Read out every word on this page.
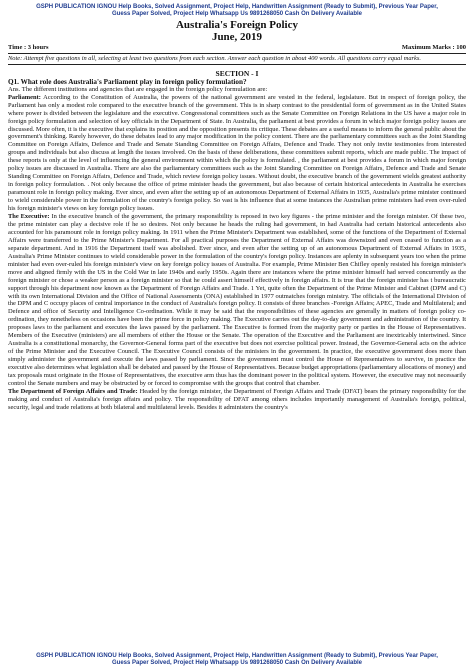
GSPH PUBLICATION IGNOU Help Books, Solved Assignment, Project Help, Handwritten Assignment (Ready to Submit), Previous Year Paper,
Guess Paper Solved, Project Help Whatsapp Us 9891268050 Cash On Delivery Available
Australia's Foreign Policy
June, 2019
Time : 3 hours	Maximum Marks : 100
Note: Attempt five questions in all, selecting at least two questions from each section. Answer each question in about 400 words. All questions carry equal marks.
SECTION - I
Q1. What role does Australia's Parliament play in foreign policy formulation?
Ans. The different institutions and agencies that are engaged in the foreign policy formulation are:

Parliament: According to the Constitution of Australia, the powers of the national government are vested in the federal, legislature. But in respect of foreign policy, the Parliament has only a modest role compared to the executive branch of the government. This is in sharp contrast to the presidential form of government as in the United States where power is divided between the legislature and the executive. Congressional committees such as the Senate Committee on Foreign Relations in the US have a major role in foreign policy formulation and selection of key officials in the Department of State. In Australia, the parliament at best provides a forum in which major foreign policy issues are discussed. More often, it is the executive that explains its position and the opposition presents its critique. These debates are a useful means to inform the general public about the government's thinking. Rarely however, do these debates lead to any major modification in the policy content. There are the parliamentary committees such as the Joint Standing Committee on Foreign Affairs, Defence and Trade and Senate Standing Committee on Foreign Affairs, Defence and Trade. They not only invite testimonies from interested groups and individuals but also discuss at length the issues involved. On the basis of these deliberations, these committees submit reports, which are made public. The impact of these reports is only at the level of influencing the general environment within which the policy is formulated. , the parliament at best provides a forum in which major foreign policy issues are discussed in Australia. There are also the parliamentary committees such as the Joint Standing Committee on Foreign Affairs, Defence and Trade and Senate Standing Committee on Foreign Affairs, Defence and Trade, which review foreign policy issues. Without doubt, the executive branch of the government wields greatest authority in foreign policy formulation. . Not only because the office of prime minister heads the government, but also because of certain historical antecedents in Australia he exercises paramount role in foreign policy making. Ever since, and even after the setting up of an autonomous Department of External Affairs in 1935, Australia's prime minister continued to wield considerable power in the formulation of the country's foreign policy. So vast is his influence that at some instances the Australian prime ministers had even over-ruled his foreign minister's views on key foreign policy issues.

The Executive: In the executive branch of the government, the primary responsibility is reposed in two key figures - the prime minister and the foreign minister. Of these two, the prime minister can play a decisive role if he so desires. Not only because he heads the ruling had government, in had Australia had certain historical antecedents also accounted for his paramount role in foreign policy making. In 1911 when the Prime Minister's Department was established, some of the functions of the Department of External Affairs were transferred to the Prime Minister's Department. For all practical purposes the Department of External Affairs was downsized and even ceased to function as a separate department. And in 1916 the Department itself was abolished. Ever since, and even after the setting up of an autonomous Department of External Affairs in 1935, Australia's Prime Minister continues to wield considerable power in the formulation of the country's foreign policy. Instances are aplenty in subsequent years too when the prime minister had even over-ruled his foreign minister's view on key foreign policy issues of Australia. For example, Prime Minister Ben Chifley openly resisted his foreign minister's move and aligned firmly with the US in the Cold War in late 1940s and early 1950s. Again there are instances where the prime minister himself had served concurrently as the foreign minister or chose a weaker person as a foreign minister so that he could assert himself effectively in foreign affairs. It is true that the foreign minister has t bureaucratic support through his department now known as the Department of Foreign Affairs and Trade. 1 Yet, quite often the Department of the Prime Minister and Cabinet (DPM and C) with its own International Division and the Office of National Assessments (ONA) established in 1977 outmatches foreign ministry. The officials of the International Division of the DPM and C occupy places of central importance in the conduct of Australia's foreign policy. It consists of three branches -Foreign Affairs; APEC, Trade and Multilateral; and Defence and office of Security and Intelligence Co-ordination. While it may be said that the responsibilities of these agencies are generally in matters of foreign policy co-ordination, they nonetheless on occasions have been the prime force in policy making. The Executive carries out the day-to-day government and administration of the country. It proposes laws to the parliament and executes the laws passed by the parliament. The Executive is formed from the majority party or parties in the House of Representatives. Members of the Executive (ministers) are all members of either the House or the Senate. The operation of the Executive and the Parliament are inextricably intertwined. Since Australia is a constitutional monarchy, the Governor-General forms part of the executive but does not exercise political power. Instead, the Governor-General acts on the advice of the Prime Minister and the Executive Council. The Executive Council consists of the ministers in the government. In practice, the executive government does more than simply administer the government and execute the laws passed by parliament. Since the government must control the House of Representatives to survive, in practice the executive also determines what legislation shall be debated and passed by the House of Representatives. Because budget appropriations (parliamentary allocations of money) and tax proposals must originate in the House of Representatives, the executive arm thus has the dominant power in the political system. However, the executive may not necessarily control the Senate numbers and may be obstructed by or forced to compromise with the groups that control that chamber.

The Department of Foreign Affairs and Trade: Headed by the foreign minister, the Department of Foreign Affairs and Trade (DFAT) bears the primary responsibility for the making and conduct of Australia's foreign affairs and policy. The responsibility of DFAT among others includes importantly management of Australia's foreign, political, security, legal and trade relations at both bilateral and multilateral levels. Besides it administers the country's

GSPH PUBLICATION IGNOU Help Books, Solved Assignment, Project Help, Handwritten Assignment (Ready to Submit), Previous Year Paper,
Guess Paper Solved, Project Help Whatsapp Us 9891268050 Cash On Delivery Available
